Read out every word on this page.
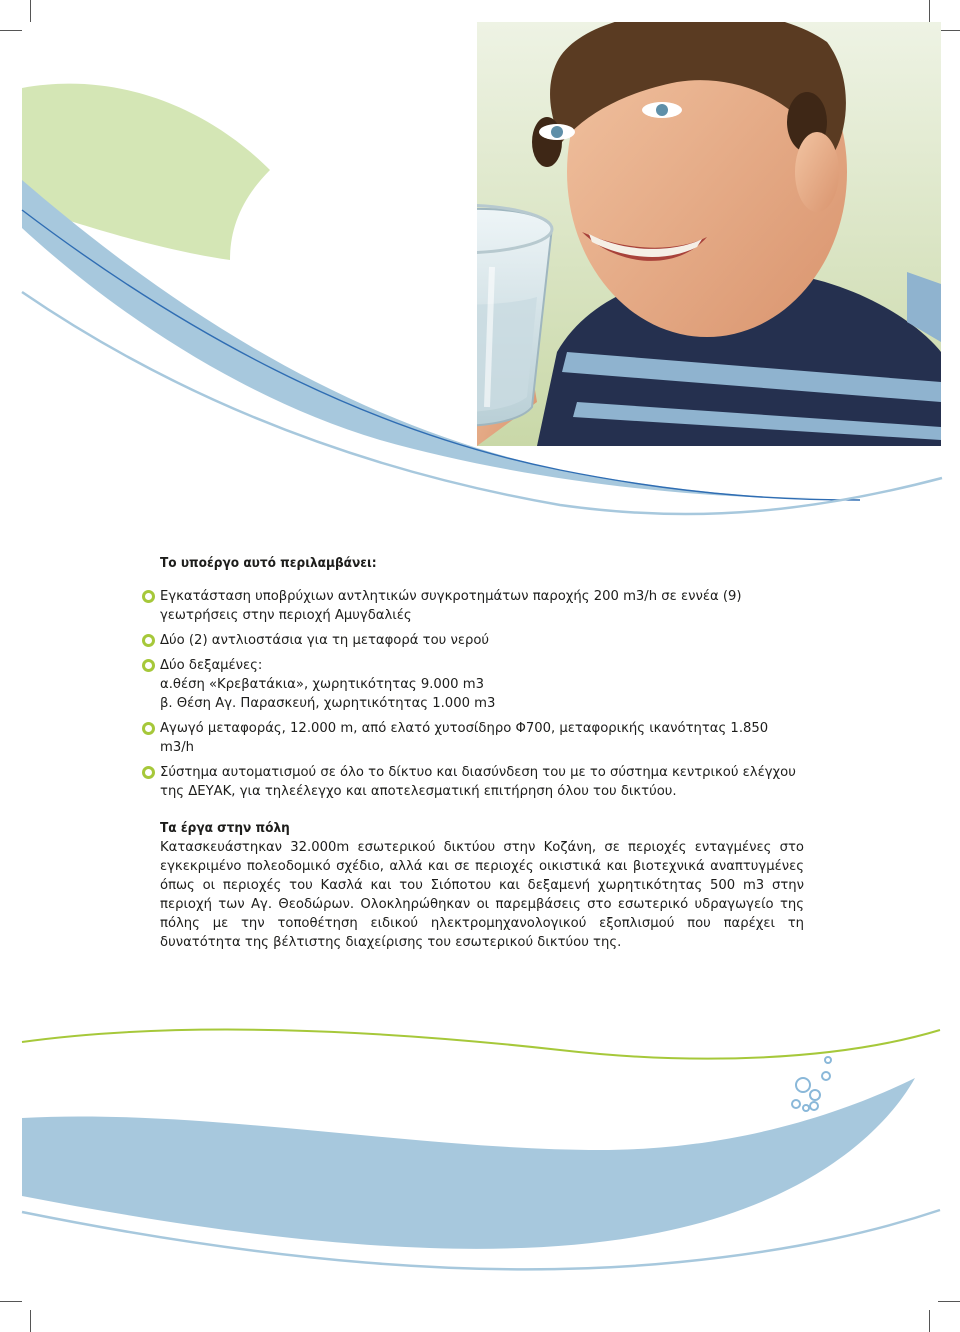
Το υποέργο αυτό περιλαμβάνει:
Εγκατάσταση υποβρύχιων αντλητικών συγκροτημάτων παροχής 200 m3/h σε εννέα (9) γεωτρήσεις στην περιοχή Αμυγδαλιές
Δύο (2) αντλιοστάσια για τη μεταφορά του νερού
Δύο δεξαμένες:
α.θέση «Κρεβατάκια», χωρητικότητας 9.000 m3
β. Θέση Αγ. Παρασκευή, χωρητικότητας 1.000 m3
Αγωγό μεταφοράς, 12.000 m, από ελατό χυτοσίδηρο Φ700, μεταφορικής ικανότητας 1.850 m3/h
Σύστημα αυτοματισμού σε όλο το δίκτυο και διασύνδεση του με το σύστημα κεντρικού ελέγχου της ΔΕΥΑΚ, για τηλεέλεγχο και αποτελεσματική επιτήρηση όλου του δικτύου.
Τα έργα στην πόλη
Κατασκευάστηκαν 32.000m εσωτερικού δικτύου στην Κοζάνη, σε περιοχές ενταγμένες στο εγκεκριμένο πολεοδομικό σχέδιο, αλλά και σε περιοχές οικιστικά και βιοτεχνικά αναπτυγμένες όπως οι περιοχές του Κασλά και του Σιόποτου και δεξαμενή χωρητικότητας 500 m3 στην περιοχή των Αγ. Θεοδώρων. Ολοκληρώθηκαν οι παρεμβάσεις στο εσωτερικό υδραγωγείο της πόλης με την τοποθέτηση ειδικού ηλεκτρομηχανολογικού εξοπλισμού που παρέχει τη δυνατότητα της βέλτιστης διαχείρισης του εσωτερικού δικτύου της.
